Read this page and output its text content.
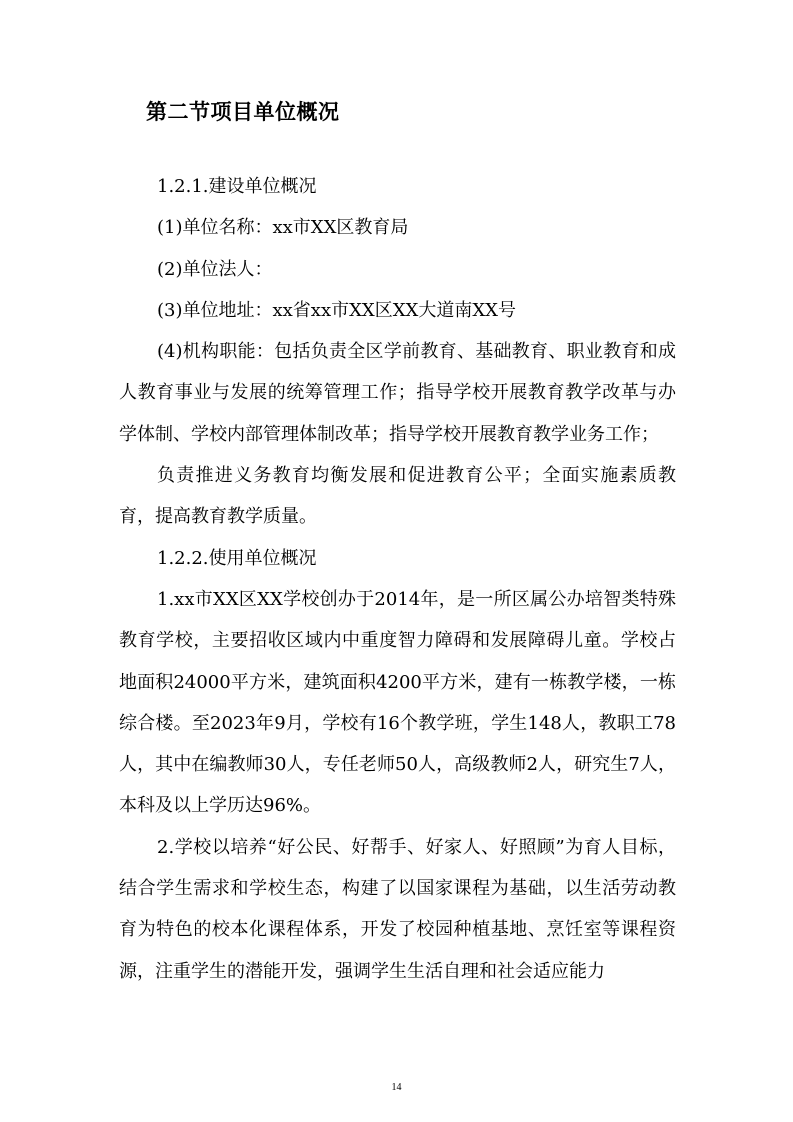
第二节项目单位概况

1.2.1.建设单位概况

(1)单位名称：xx市XX区教育局

(2)单位法人：

(3)单位地址：xx省xx市XX区XX大道南XX号

(4)机构职能：包括负责全区学前教育、基础教育、职业教育和成人教育事业与发展的统筹管理工作；指导学校开展教育教学改革与办学体制、学校内部管理体制改革；指导学校开展教育教学业务工作；

负责推进义务教育均衡发展和促进教育公平；全面实施素质教育，提高教育教学质量。

1.2.2.使用单位概况

1.xx市XX区XX学校创办于2014年，是一所区属公办培智类特殊教育学校，主要招收区域内中重度智力障碍和发展障碍儿童。学校占地面积24000平方米，建筑面积4200平方米，建有一栋教学楼，一栋综合楼。至2023年9月，学校有16个教学班，学生148人，教职工78人，其中在编教师30人，专任老师50人，高级教师2人，研究生7人，本科及以上学历达96%。

2.学校以培养“好公民、好帮手、好家人、好照顾”为育人目标，结合学生需求和学校生态，构建了以国家课程为基础，以生活劳动教育为特色的校本化课程体系，开发了校园种植基地、烹饪室等课程资源，注重学生的潜能开发，强调学生生活自理和社会适应能力

14
